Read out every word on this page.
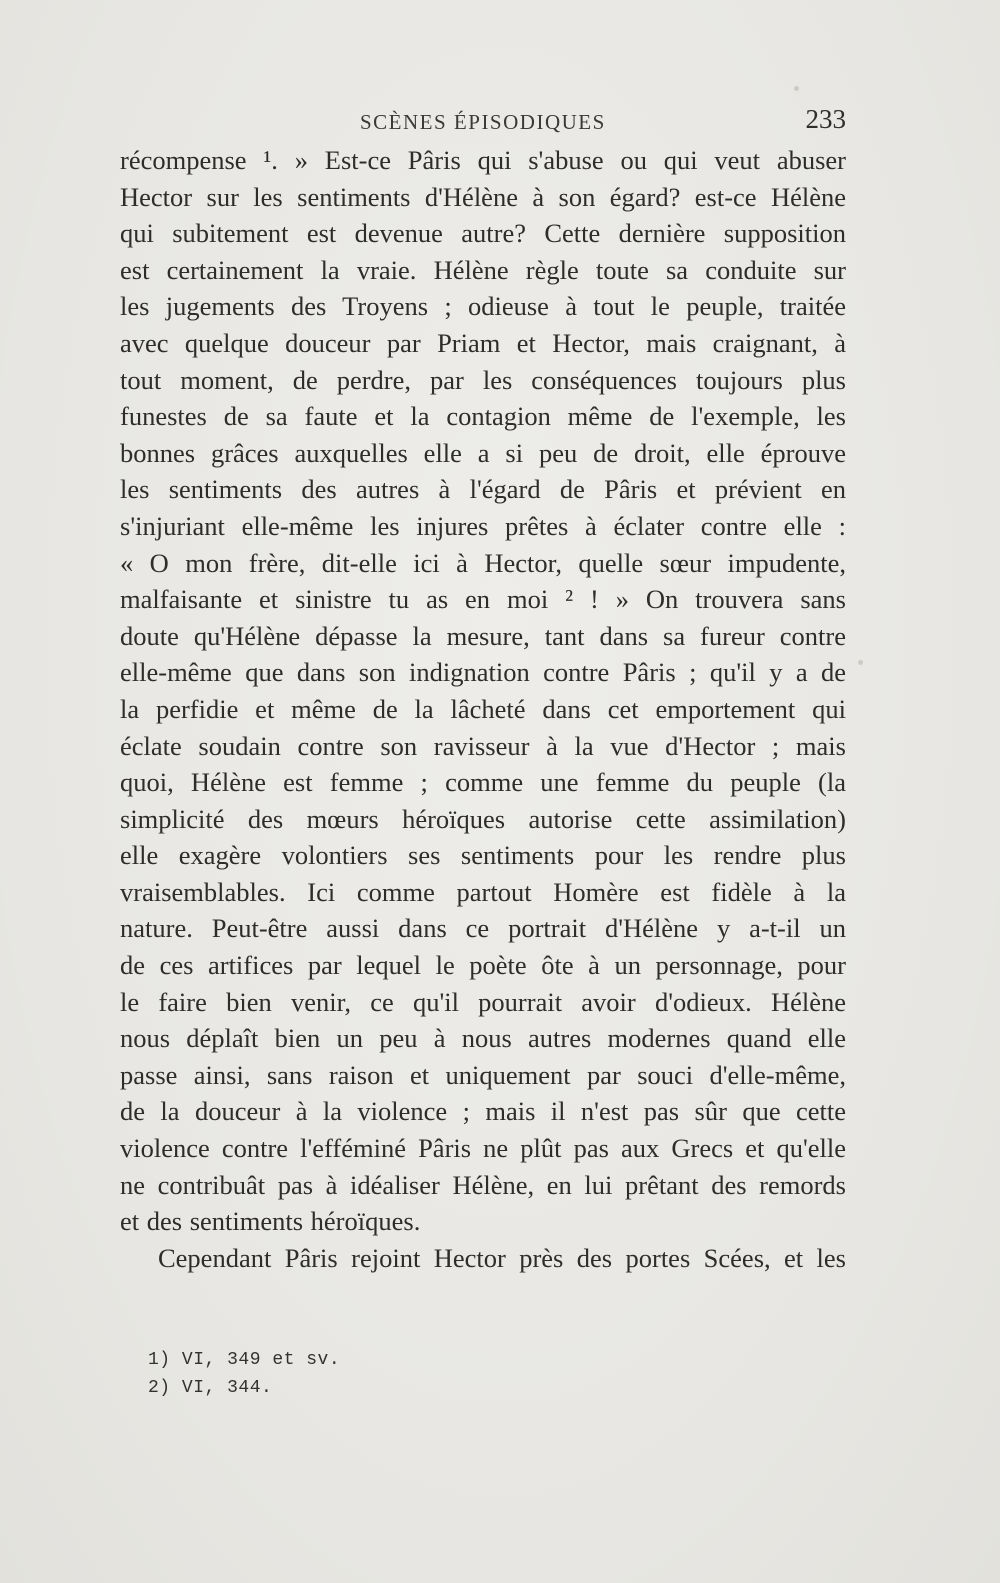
SCÈNES ÉPISODIQUES	233
récompense ¹. » Est-ce Pâris qui s'abuse ou qui veut abuser
Hector sur les sentiments d'Hélène à son égard? est-ce Hélène
qui subitement est devenue autre? Cette dernière supposition
est certainement la vraie. Hélène règle toute sa conduite sur
les jugements des Troyens ; odieuse à tout le peuple, traitée
avec quelque douceur par Priam et Hector, mais craignant, à
tout moment, de perdre, par les conséquences toujours plus
funestes de sa faute et la contagion même de l'exemple, les
bonnes grâces auxquelles elle a si peu de droit, elle éprouve
les sentiments des autres à l'égard de Pâris et prévient en
s'injuriant elle-même les injures prêtes à éclater contre elle :
« O mon frère, dit-elle ici à Hector, quelle sœur impudente,
malfaisante et sinistre tu as en moi ² ! » On trouvera sans
doute qu'Hélène dépasse la mesure, tant dans sa fureur contre
elle-même que dans son indignation contre Pâris ; qu'il y a de
la perfidie et même de la lâcheté dans cet emportement qui
éclate soudain contre son ravisseur à la vue d'Hector ; mais
quoi, Hélène est femme ; comme une femme du peuple (la
simplicité des mœurs héroïques autorise cette assimilation)
elle exagère volontiers ses sentiments pour les rendre plus
vraisemblables. Ici comme partout Homère est fidèle à la
nature. Peut-être aussi dans ce portrait d'Hélène y a-t-il un
de ces artifices par lequel le poète ôte à un personnage, pour
le faire bien venir, ce qu'il pourrait avoir d'odieux. Hélène
nous déplaît bien un peu à nous autres modernes quand elle
passe ainsi, sans raison et uniquement par souci d'elle-même,
de la douceur à la violence ; mais il n'est pas sûr que cette
violence contre l'efféminé Pâris ne plût pas aux Grecs et qu'elle
ne contribuât pas à idéaliser Hélène, en lui prêtant des remords
et des sentiments héroïques.
Cependant Pâris rejoint Hector près des portes Scées, et les
1) VI, 349 et sv.
2) VI, 344.
